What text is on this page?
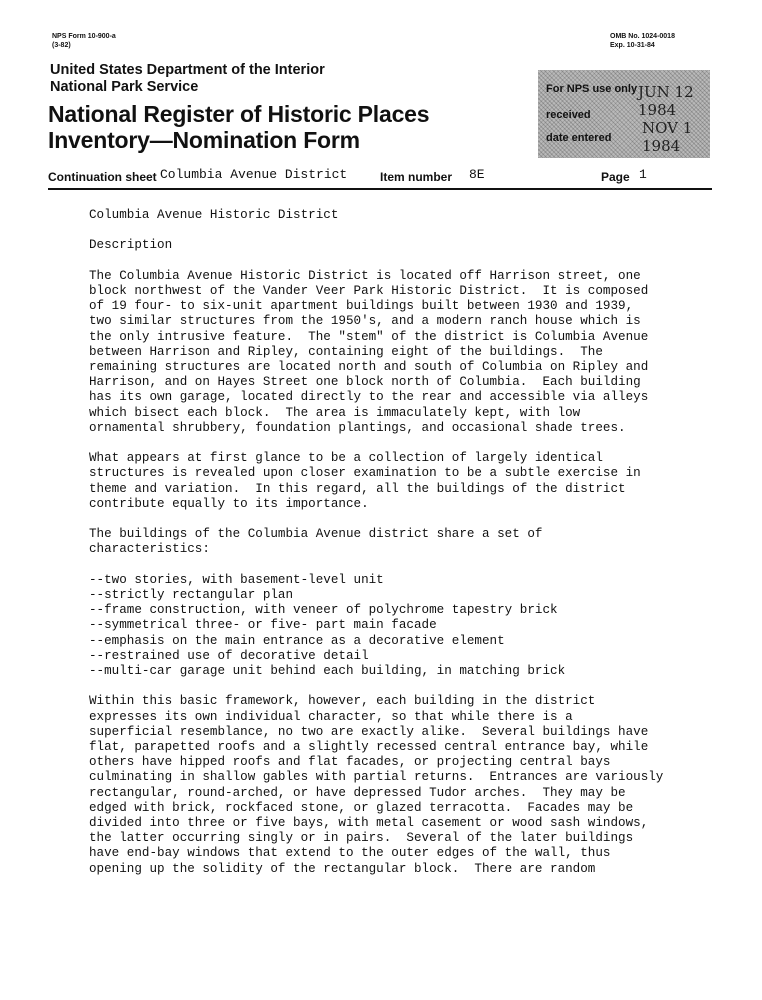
NPS Form 10-900-a
(3-82)
OMB No. 1024-0018
Exp. 10-31-84
United States Department of the Interior
National Park Service
National Register of Historic Places
Inventory—Nomination Form
For NPS use only
received
date entered
JUN 12 1984
NOV 1 1984
Continuation sheet Columbia Avenue District	Item number 8E	Page 1

Columbia Avenue Historic District

Description

The Columbia Avenue Historic District is located off Harrison street, one

block northwest of the Vander Veer Park Historic District.  It is composed

of 19 four- to six-unit apartment buildings built between 1930 and 1939,

two similar structures from the 1950's, and a modern ranch house which is

the only intrusive feature.  The "stem" of the district is Columbia Avenue

between Harrison and Ripley, containing eight of the buildings.  The

remaining structures are located north and south of Columbia on Ripley and

Harrison, and on Hayes Street one block north of Columbia.  Each building

has its own garage, located directly to the rear and accessible via alleys

which bisect each block.  The area is immaculately kept, with low

ornamental shrubbery, foundation plantings, and occasional shade trees.

What appears at first glance to be a collection of largely identical

structures is revealed upon closer examination to be a subtle exercise in

theme and variation.  In this regard, all the buildings of the district

contribute equally to its importance.

The buildings of the Columbia Avenue district share a set of

characteristics:

--two stories, with basement-level unit

--strictly rectangular plan

--frame construction, with veneer of polychrome tapestry brick

--symmetrical three- or five- part main facade

--emphasis on the main entrance as a decorative element

--restrained use of decorative detail

--multi-car garage unit behind each building, in matching brick

Within this basic framework, however, each building in the district

expresses its own individual character, so that while there is a

superficial resemblance, no two are exactly alike.  Several buildings have

flat, parapetted roofs and a slightly recessed central entrance bay, while

others have hipped roofs and flat facades, or projecting central bays

culminating in shallow gables with partial returns.  Entrances are variously

rectangular, round-arched, or have depressed Tudor arches.  They may be

edged with brick, rockfaced stone, or glazed terracotta.  Facades may be

divided into three or five bays, with metal casement or wood sash windows,

the latter occurring singly or in pairs.  Several of the later buildings

have end-bay windows that extend to the outer edges of the wall, thus

opening up the solidity of the rectangular block.  There are random
